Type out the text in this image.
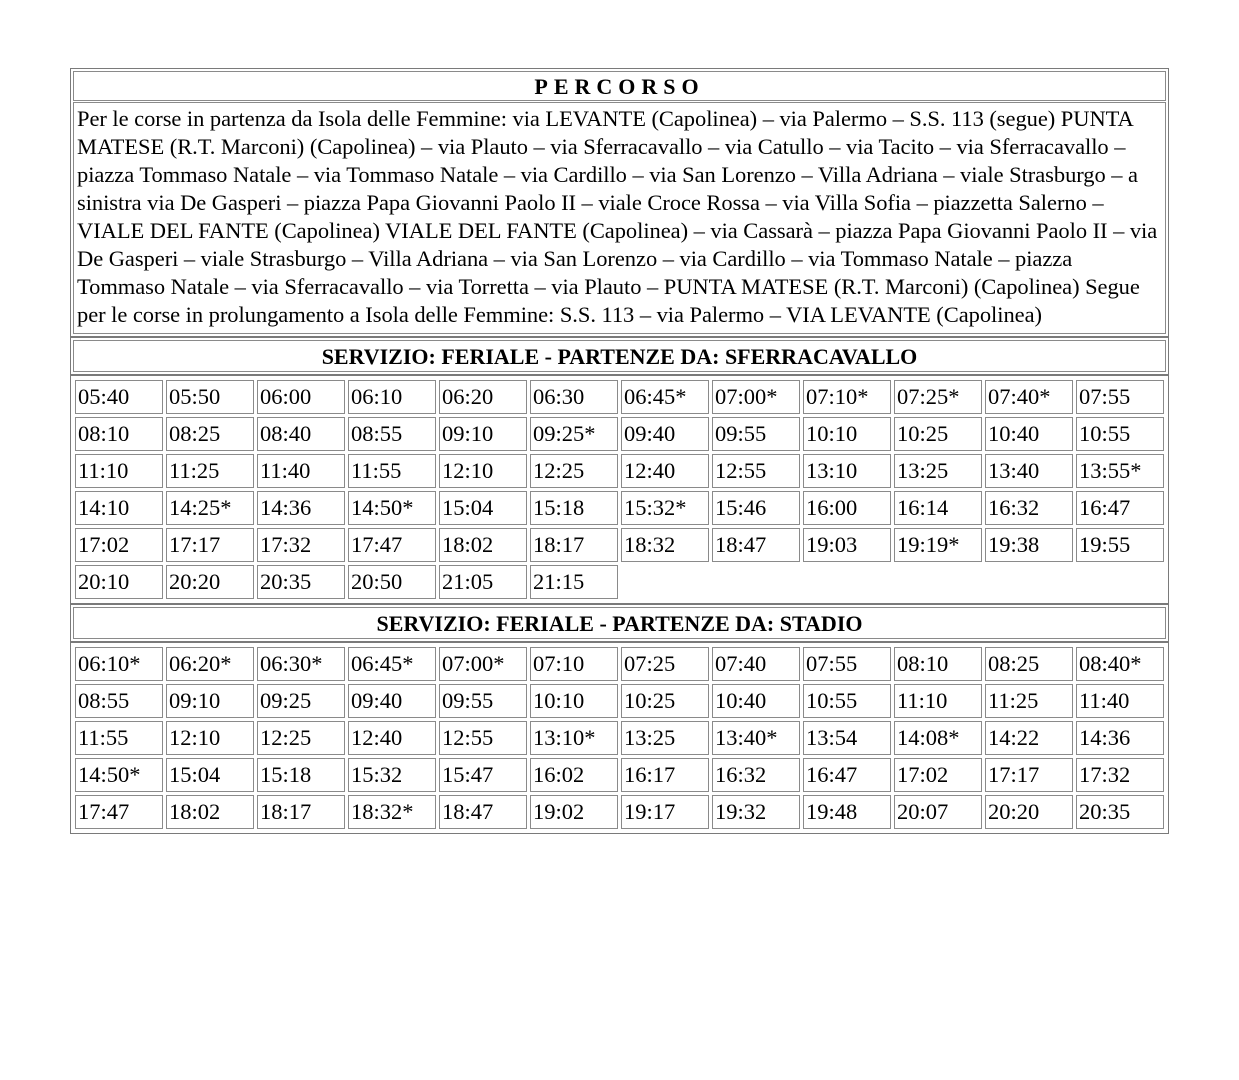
PERCORSO
Per le corse in partenza da Isola delle Femmine: via LEVANTE (Capolinea) – via Palermo – S.S. 113 (segue) PUNTA MATESE (R.T. Marconi) (Capolinea) – via Plauto – via Sferracavallo – via Catullo – via Tacito – via Sferracavallo – piazza Tommaso Natale – via Tommaso Natale – via Cardillo – via San Lorenzo – Villa Adriana – viale Strasburgo – a sinistra via De Gasperi – piazza Papa Giovanni Paolo II – viale Croce Rossa – via Villa Sofia – piazzetta Salerno – VIALE DEL FANTE (Capolinea) VIALE DEL FANTE (Capolinea) – via Cassarà – piazza Papa Giovanni Paolo II – via De Gasperi – viale Strasburgo – Villa Adriana – via San Lorenzo – via Cardillo – via Tommaso Natale – piazza Tommaso Natale – via Sferracavallo – via Torretta – via Plauto – PUNTA MATESE (R.T. Marconi) (Capolinea) Segue per le corse in prolungamento a Isola delle Femmine: S.S. 113 – via Palermo – VIA LEVANTE (Capolinea)
SERVIZIO: FERIALE - PARTENZE DA: SFERRACAVALLO
05:40	05:50	06:00	06:10	06:20	06:30	06:45*	07:00*	07:10*	07:25*	07:40*	07:55
08:10	08:25	08:40	08:55	09:10	09:25*	09:40	09:55	10:10	10:25	10:40	10:55
11:10	11:25	11:40	11:55	12:10	12:25	12:40	12:55	13:10	13:25	13:40	13:55*
14:10	14:25*	14:36	14:50*	15:04	15:18	15:32*	15:46	16:00	16:14	16:32	16:47
17:02	17:17	17:32	17:47	18:02	18:17	18:32	18:47	19:03	19:19*	19:38	19:55
20:10	20:20	20:35	20:50	21:05	21:15						
SERVIZIO: FERIALE - PARTENZE DA: STADIO
06:10*	06:20*	06:30*	06:45*	07:00*	07:10	07:25	07:40	07:55	08:10	08:25	08:40*
08:55	09:10	09:25	09:40	09:55	10:10	10:25	10:40	10:55	11:10	11:25	11:40
11:55	12:10	12:25	12:40	12:55	13:10*	13:25	13:40*	13:54	14:08*	14:22	14:36
14:50*	15:04	15:18	15:32	15:47	16:02	16:17	16:32	16:47	17:02	17:17	17:32
17:47	18:02	18:17	18:32*	18:47	19:02	19:17	19:32	19:48	20:07	20:20	20:35
